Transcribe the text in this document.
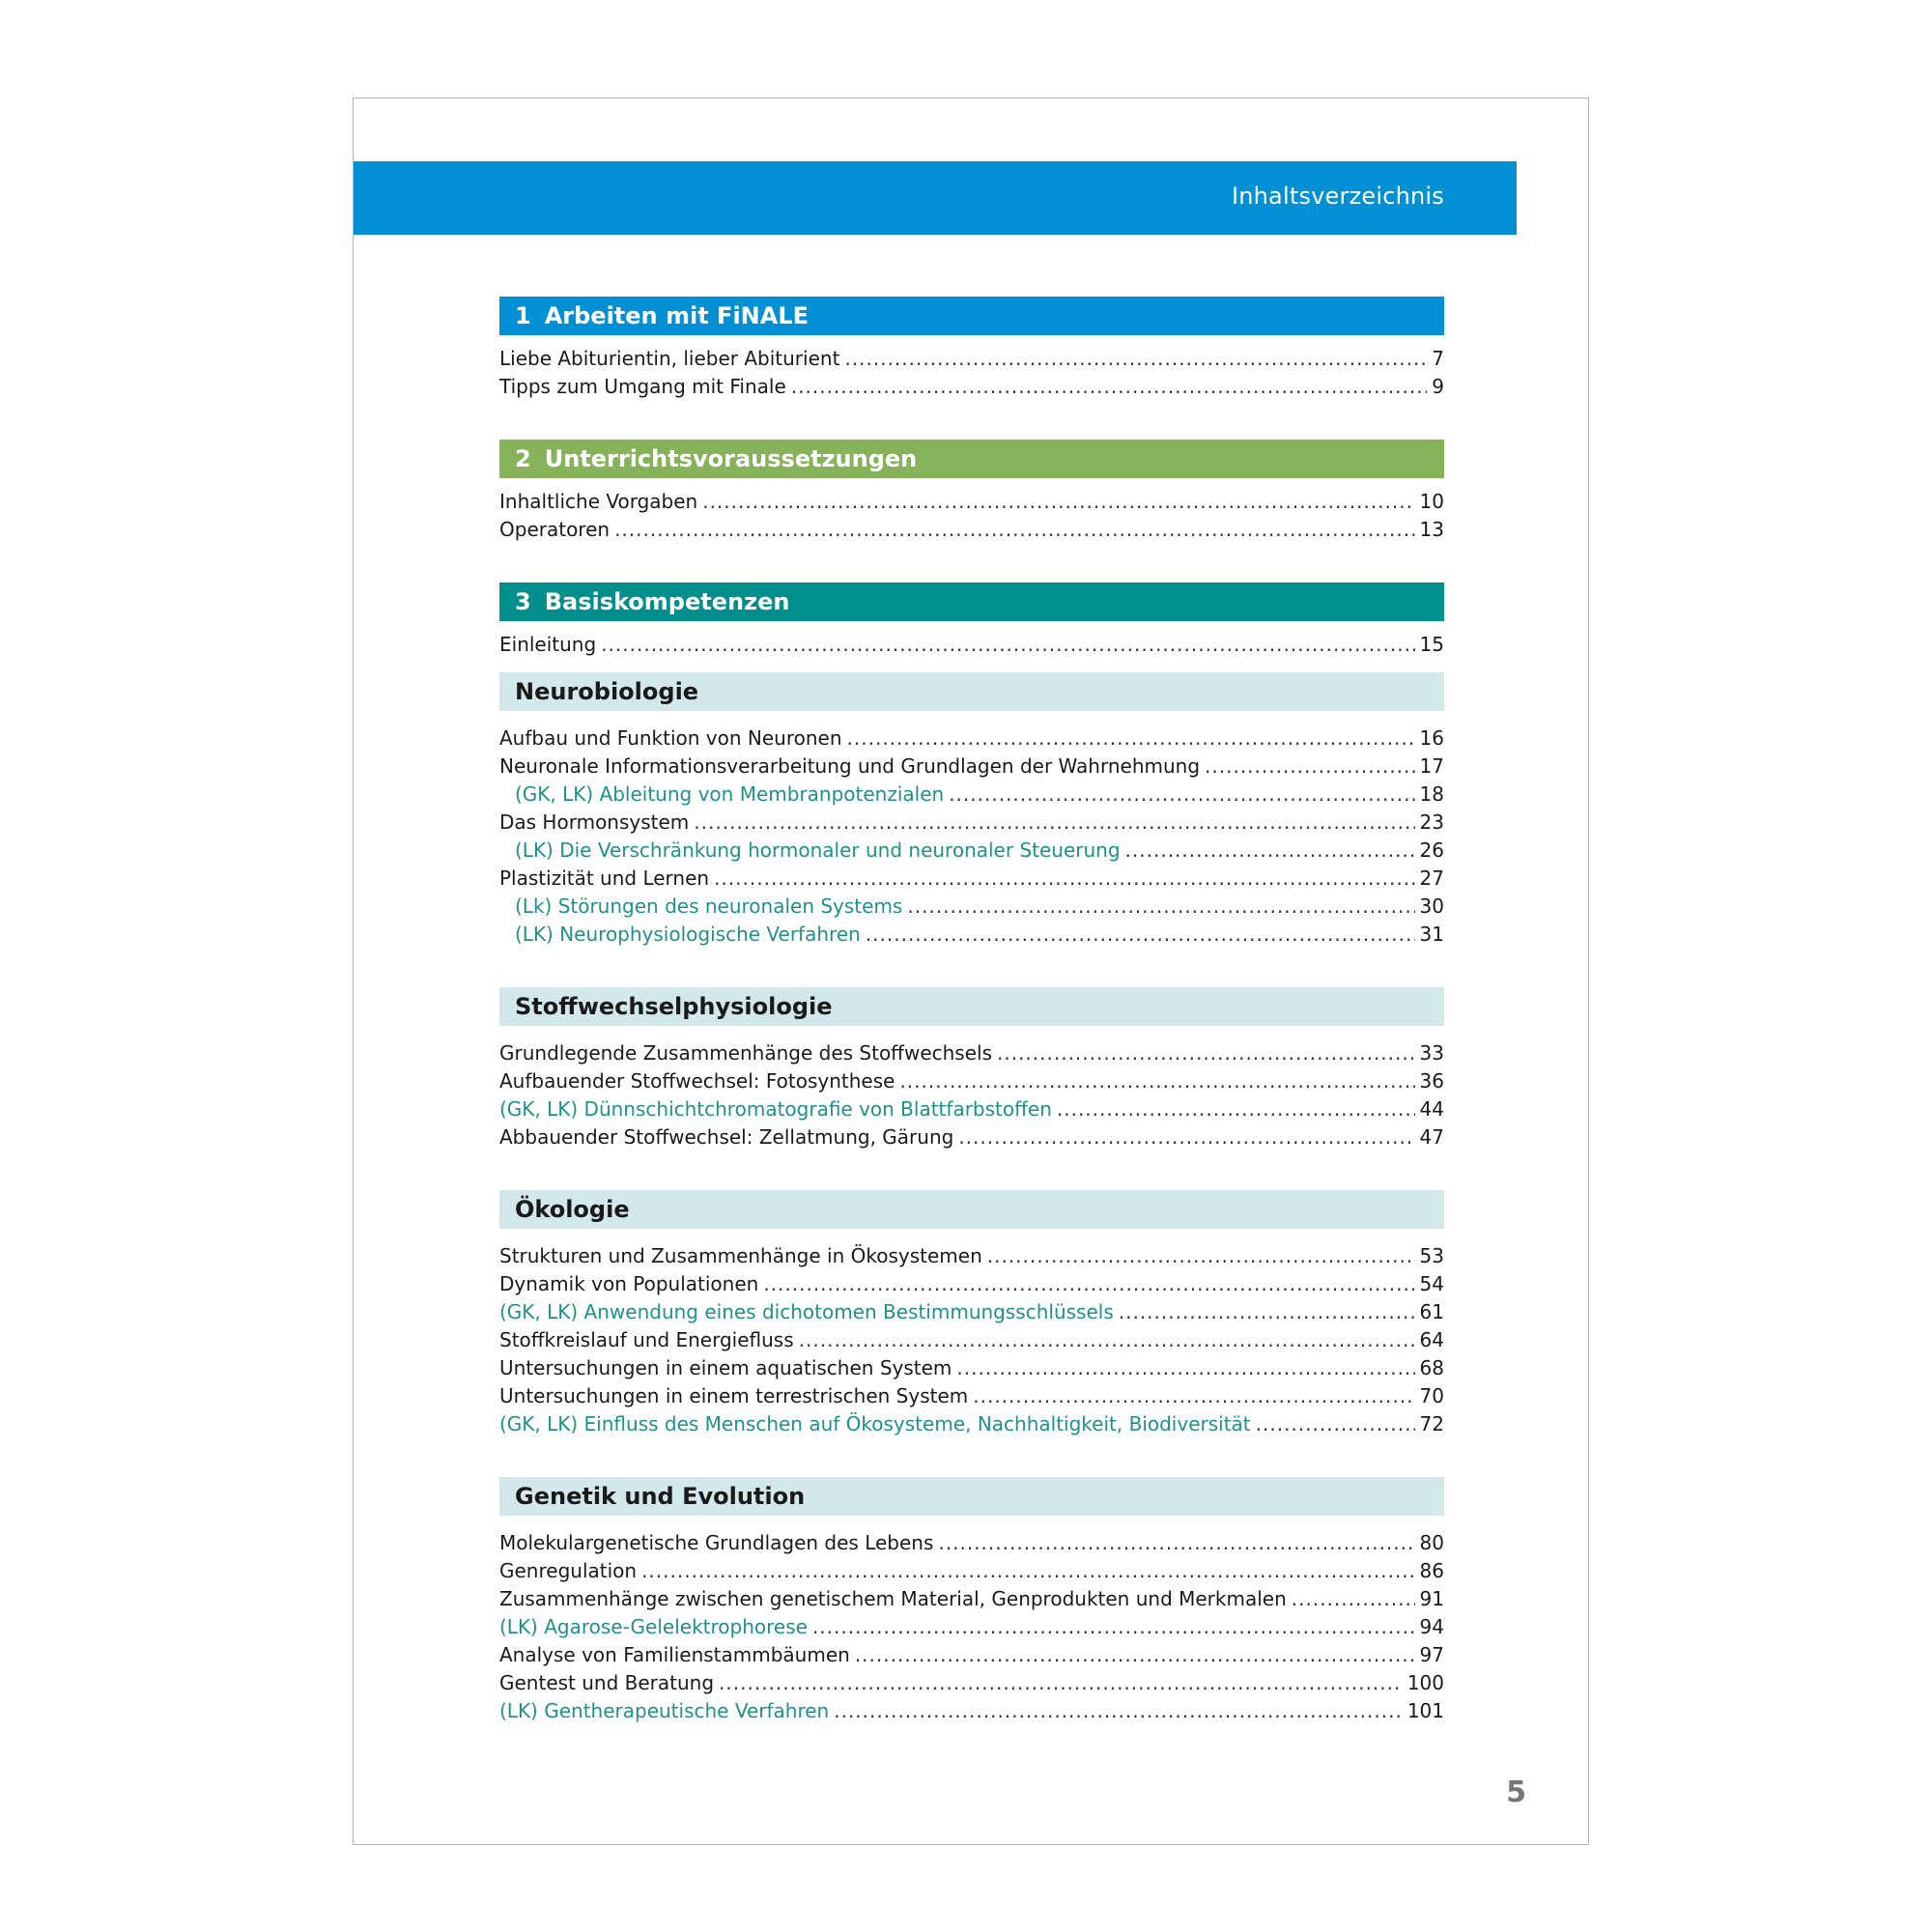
Inhaltsverzeichnis
1 Arbeiten mit FiNALE
Liebe Abiturientin, lieber Abiturient .....	7
Tipps zum Umgang mit Finale .....	9
2 Unterrichtsvoraussetzungen
Inhaltliche Vorgaben .....	10
Operatoren .....	13
3 Basiskompetenzen
Einleitung .....	15
Neurobiologie
Aufbau und Funktion von Neuronen .....	16
Neuronale Informationsverarbeitung und Grundlagen der Wahrnehmung .....	17
(GK, LK) Ableitung von Membranpotenzialen .....	18
Das Hormonsystem .....	23
(LK) Die Verschränkung hormonaler und neuronaler Steuerung .....	26
Plastizität und Lernen .....	27
(Lk) Störungen des neuronalen Systems .....	30
(LK) Neurophysiologische Verfahren .....	31
Stoffwechselphysiologie
Grundlegende Zusammenhänge des Stoffwechsels .....	33
Aufbauender Stoffwechsel: Fotosynthese .....	36
(GK, LK) Dünnschichtchromatografie von Blattfarbstoffen .....	44
Abbauender Stoffwechsel: Zellatmung, Gärung .....	47
Ökologie
Strukturen und Zusammenhänge in Ökosystemen .....	53
Dynamik von Populationen .....	54
(GK, LK) Anwendung eines dichotomen Bestimmungsschlüssels .....	61
Stoffkreislauf und Energiefluss .....	64
Untersuchungen in einem aquatischen System .....	68
Untersuchungen in einem terrestrischen System .....	70
(GK, LK) Einfluss des Menschen auf Ökosysteme, Nachhaltigkeit, Biodiversität .....	72
Genetik und Evolution
Molekulargenetische Grundlagen des Lebens .....	80
Genregulation .....	86
Zusammenhänge zwischen genetischem Material, Genprodukten und Merkmalen .....	91
(LK) Agarose-Gelelektrophorese .....	94
Analyse von Familienstammbäumen .....	97
Gentest und Beratung .....	100
(LK) Gentherapeutische Verfahren .....	101
5
